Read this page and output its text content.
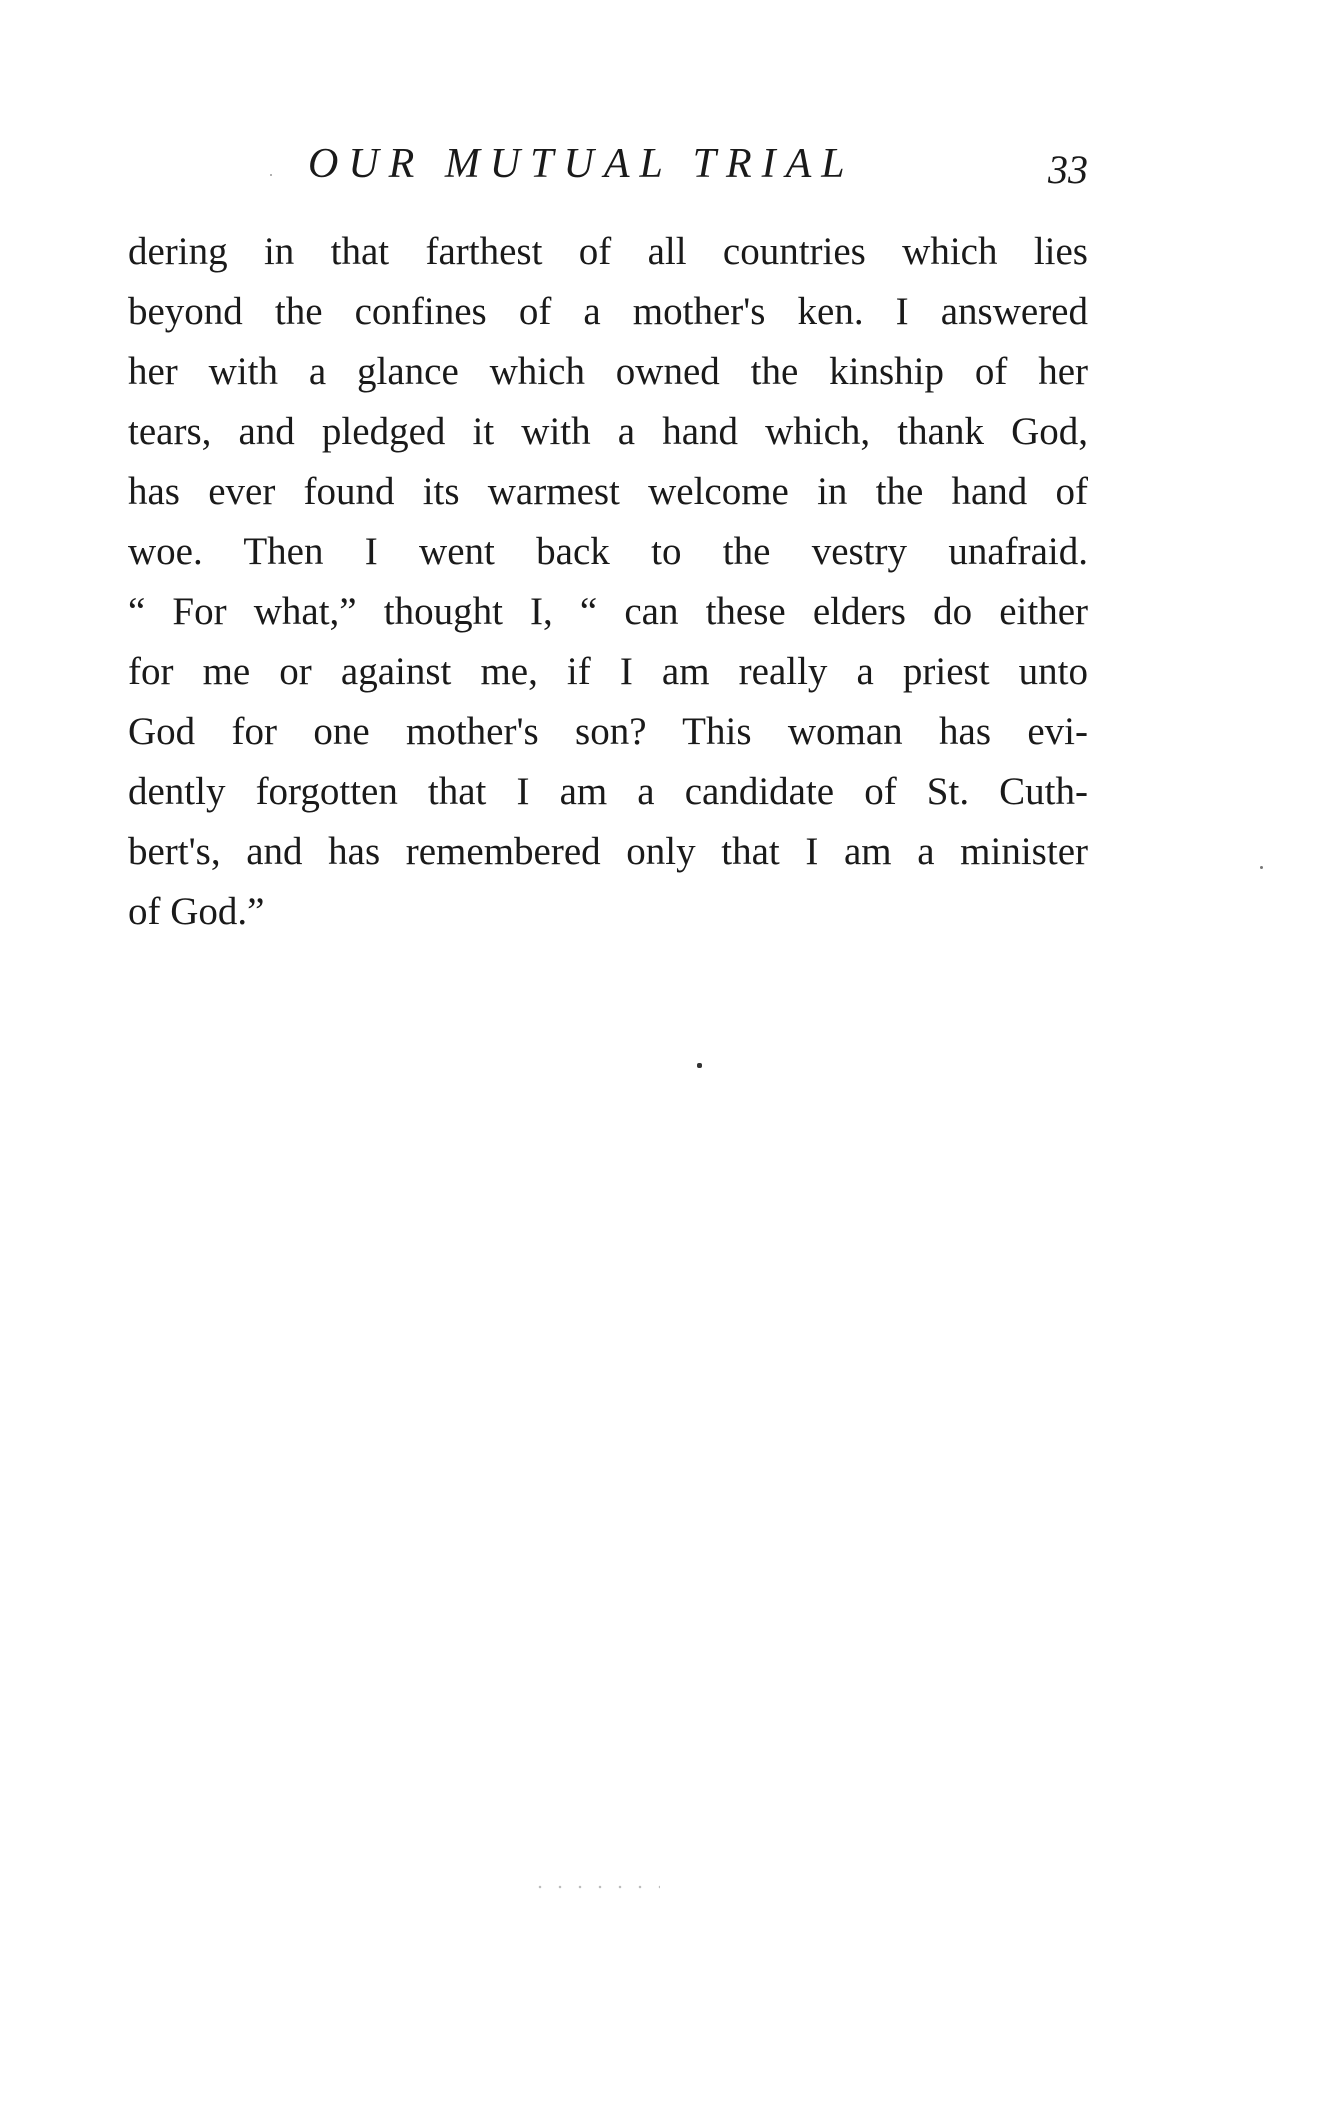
OUR MUTUAL TRIAL	33

dering in that farthest of all countries which lies
beyond the confines of a mother's ken. I answered
her with a glance which owned the kinship of her
tears, and pledged it with a hand which, thank God,
has ever found its warmest welcome in the hand of
woe. Then I went back to the vestry unafraid.
“ For what,” thought I, “ can these elders do either
for me or against me, if I am really a priest unto
God for one mother's son? This woman has evi-
dently forgotten that I am a candidate of St. Cuth-
bert's, and has remembered only that I am a minister
of God.”
